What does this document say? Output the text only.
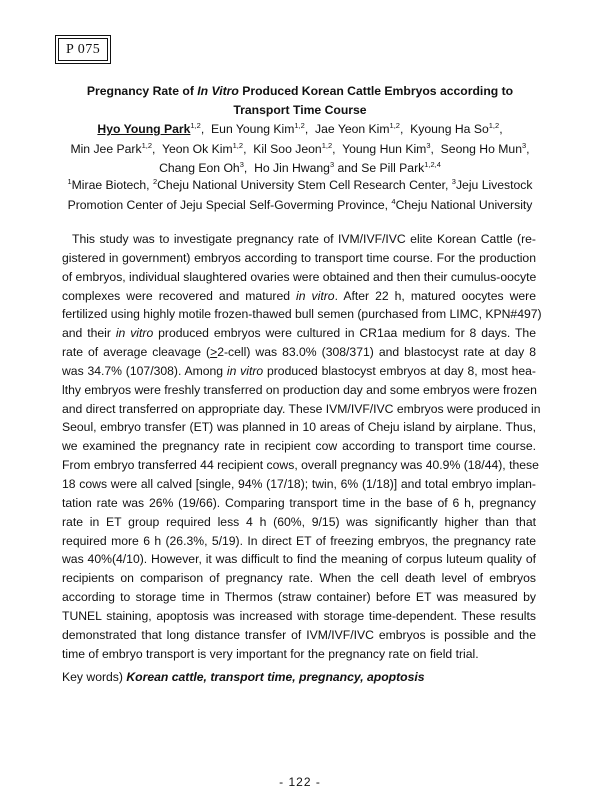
P 075
Pregnancy Rate of In Vitro Produced Korean Cattle Embryos according to
Transport Time Course
Hyo Young Park$^{1,2}$,  Eun Young Kim$^{1,2}$,  Jae Yeon Kim$^{1,2}$,  Kyoung Ha So$^{1,2}$,
Min Jee Park$^{1,2}$,  Yeon Ok Kim$^{1,2}$,  Kil Soo Jeon$^{1,2}$,  Young Hun Kim$^3$,  Seong Ho Mun$^3$,
Chang Eon Oh$^3$,  Ho Jin Hwang$^3$ and Se Pill Park$^{1,2,4}$
$^1$Mirae Biotech, $^2$Cheju National University Stem Cell Research Center, $^3$Jeju Livestock
Promotion Center of Jeju Special Self-Goverming Province, $^4$Cheju National University
This study was to investigate pregnancy rate of IVM/IVF/IVC elite Korean Cattle (re-
gistered in government) embryos according to transport time course. For the production
of embryos, individual slaughtered ovaries were obtained and then their cumulus-oocyte
complexes were recovered and matured in vitro. After 22 h, matured oocytes were
fertilized using highly motile frozen-thawed bull semen (purchased from LIMC, KPN#497)
and their in vitro produced embryos were cultured in CR1aa medium for 8 days. The
rate of average cleavage (≥2-cell) was 83.0% (308/371) and blastocyst rate at day 8
was 34.7% (107/308). Among in vitro produced blastocyst embryos at day 8, most hea-
lthy embryos were freshly transferred on production day and some embryos were frozen
and direct transferred on appropriate day. These IVM/IVF/IVC embryos were produced in
Seoul, embryo transfer (ET) was planned in 10 areas of Cheju island by airplane. Thus,
we examined the pregnancy rate in recipient cow according to transport time course.
From embryo transferred 44 recipient cows, overall pregnancy was 40.9% (18/44), these
18 cows were all calved [single, 94% (17/18); twin, 6% (1/18)] and total embryo implan-
tation rate was 26% (19/66). Comparing transport time in the base of 6 h, pregnancy
rate in ET group required less 4 h (60%, 9/15) was significantly higher than that
required more 6 h (26.3%, 5/19). In direct ET of freezing embryos, the pregnancy rate
was 40%(4/10). However, it was difficult to find the meaning of corpus luteum quality of
recipients on comparison of pregnancy rate. When the cell death level of embryos
according to storage time in Thermos (straw container) before ET was measured by
TUNEL staining, apoptosis was increased with storage time-dependent. These results
demonstrated that long distance transfer of IVM/IVF/IVC embryos is possible and the
time of embryo transport is very important for the pregnancy rate on field trial.
Key words) Korean cattle, transport time, pregnancy, apoptosis
- 122 -
